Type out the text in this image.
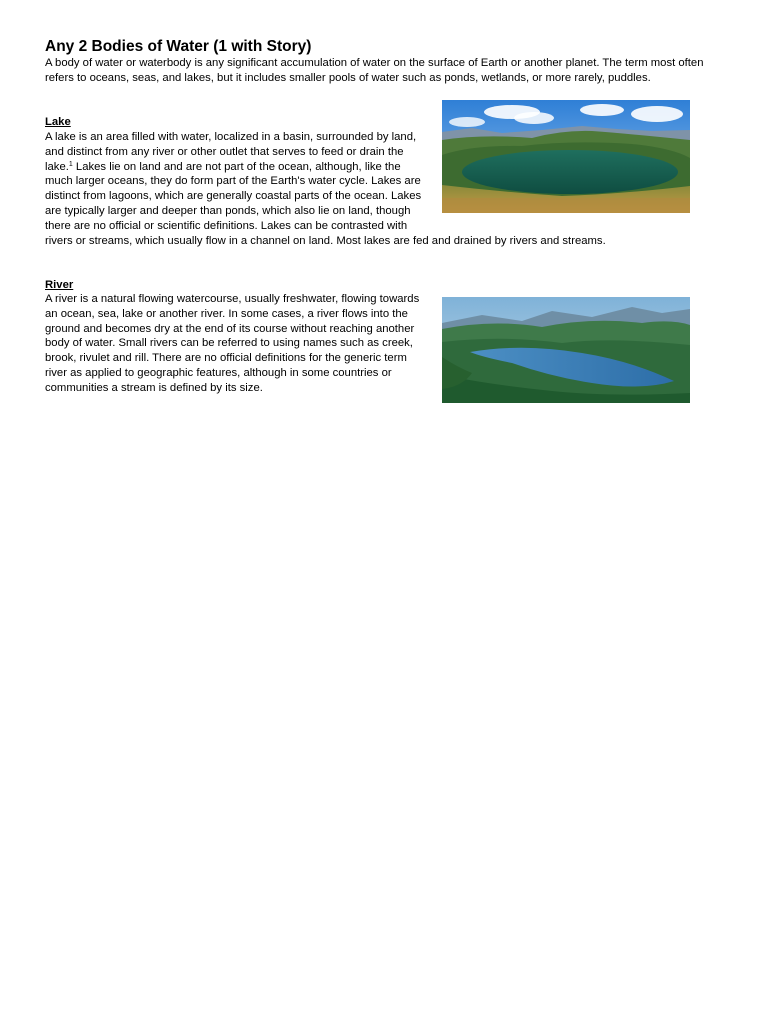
Any 2 Bodies of Water (1 with Story)

A body of water or waterbody is any significant accumulation of water on the surface of Earth or another planet. The term most often refers to oceans, seas, and lakes, but it includes smaller pools of water such as ponds, wetlands, or more rarely, puddles.

Lake

A lake is an area filled with water, localized in a basin, surrounded by land, and distinct from any river or other outlet that serves to feed or drain the lake.$^1$ Lakes lie on land and are not part of the ocean, although, like the much larger oceans, they do form part of the Earth's water cycle. Lakes are distinct from lagoons, which are generally coastal parts of the ocean. Lakes are typically larger and deeper than ponds, which also lie on land, though there are no official or scientific definitions. Lakes can be contrasted with rivers or streams, which usually flow in a channel on land. Most lakes are fed and drained by rivers and streams.

River

A river is a natural flowing watercourse, usually freshwater, flowing towards an ocean, sea, lake or another river. In some cases, a river flows into the ground and becomes dry at the end of its course without reaching another body of water. Small rivers can be referred to using names such as creek, brook, rivulet and rill. There are no official definitions for the generic term river as applied to geographic features, although in some countries or communities a stream is defined by its size.
